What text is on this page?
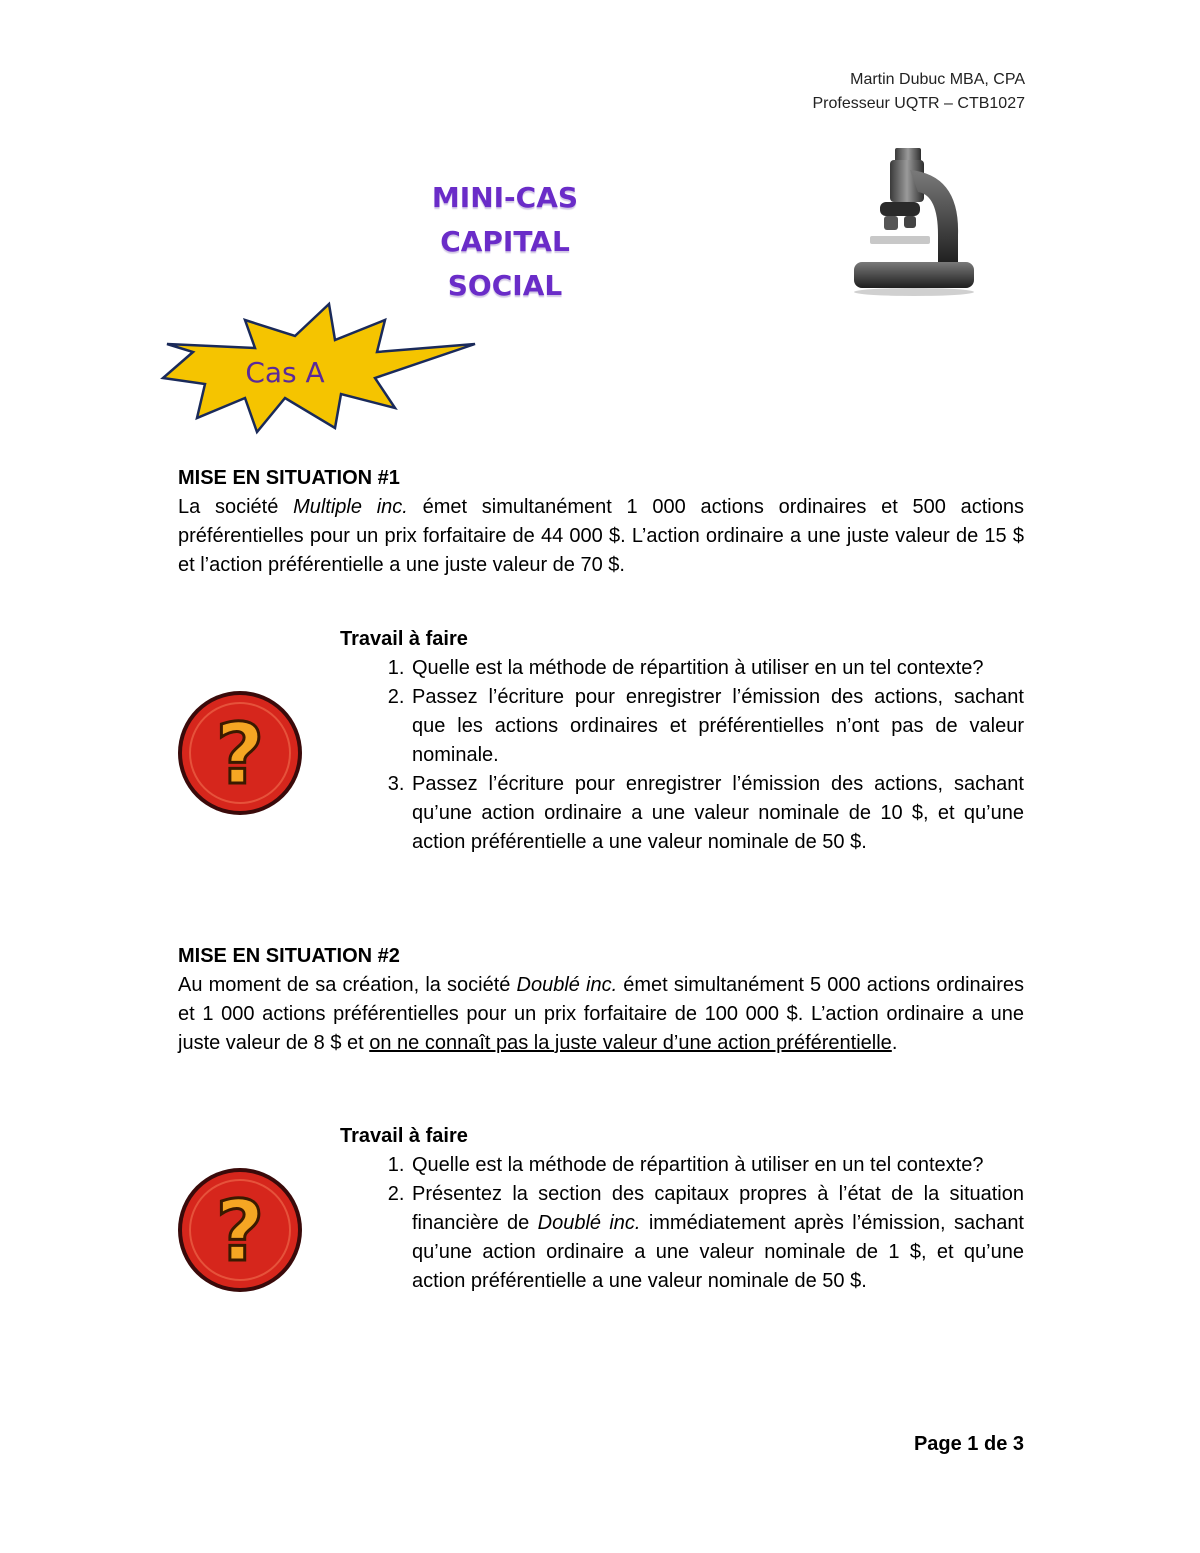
Martin Dubuc MBA, CPA
Professeur UQTR – CTB1027
MINI-CAS
CAPITAL SOCIAL
Cas A
MISE EN SITUATION #1
La société Multiple inc. émet simultanément 1 000 actions ordinaires et 500 actions préférentielles pour un prix forfaitaire de 44 000 $. L’action ordinaire a une juste valeur de 15 $ et l’action préférentielle a une juste valeur de 70 $.
?
Travail à faire
1. Quelle est la méthode de répartition à utiliser en un tel contexte?
2. Passez l’écriture pour enregistrer l’émission des actions, sachant que les actions ordinaires et préférentielles n’ont pas de valeur nominale.
3. Passez l’écriture pour enregistrer l’émission des actions, sachant qu’une action ordinaire a une valeur nominale de 10 $, et qu’une action préférentielle a une valeur nominale de 50 $.
MISE EN SITUATION #2
Au moment de sa création, la société Doublé inc. émet simultanément 5 000 actions ordinaires et 1 000 actions préférentielles pour un prix forfaitaire de 100 000 $. L’action ordinaire a une juste valeur de 8 $ et on ne connaît pas la juste valeur d’une action préférentielle.
?
Travail à faire
1. Quelle est la méthode de répartition à utiliser en un tel contexte?
2. Présentez la section des capitaux propres à l’état de la situation financière de Doublé inc. immédiatement après l’émission, sachant qu’une action ordinaire a une valeur nominale de 1 $, et qu’une action préférentielle a une valeur nominale de 50 $.
Page 1 de 3
